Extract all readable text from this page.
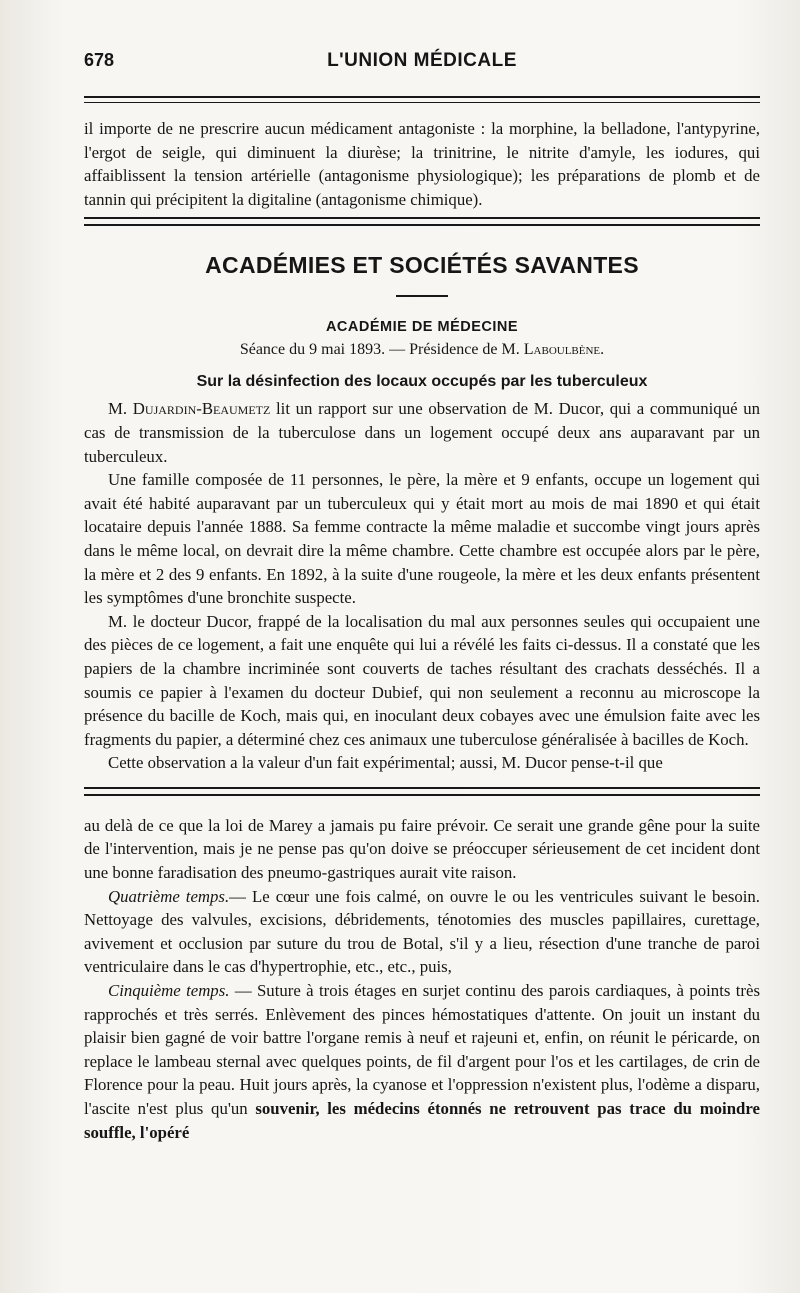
678	L'UNION MÉDICALE

il importe de ne prescrire aucun médicament antagoniste : la morphine, la belladone, l'antypyrine, l'ergot de seigle, qui diminuent la diurèse; la trinitrine, le nitrite d'amyle, les iodures, qui affaiblissent la tension artérielle (antagonisme physiologique); les préparations de plomb et de tannin qui précipitent la digitaline (antagonisme chimique).

ACADÉMIES ET SOCIÉTÉS SAVANTES
ACADÉMIE DE MÉDECINE
Séance du 9 mai 1893. — Présidence de M. Laboulbène.
Sur la désinfection des locaux occupés par les tuberculeux

M. Dujardin-Beaumetz lit un rapport sur une observation de M. Ducor, qui a communiqué un cas de transmission de la tuberculose dans un logement occupé deux ans auparavant par un tuberculeux.

Une famille composée de 11 personnes, le père, la mère et 9 enfants, occupe un logement qui avait été habité auparavant par un tuberculeux qui y était mort au mois de mai 1890 et qui était locataire depuis l'année 1888. Sa femme contracte la même maladie et succombe vingt jours après dans le même local, on devrait dire la même chambre. Cette chambre est occupée alors par le père, la mère et 2 des 9 enfants. En 1892, à la suite d'une rougeole, la mère et les deux enfants présentent les symptômes d'une bronchite suspecte.

M. le docteur Ducor, frappé de la localisation du mal aux personnes seules qui occupaient une des pièces de ce logement, a fait une enquête qui lui a révélé les faits ci-dessus. Il a constaté que les papiers de la chambre incriminée sont couverts de taches résultant des crachats desséchés. Il a soumis ce papier à l'examen du docteur Dubief, qui non seulement a reconnu au microscope la présence du bacille de Koch, mais qui, en inoculant deux cobayes avec une émulsion faite avec les fragments du papier, a déterminé chez ces animaux une tuberculose généralisée à bacilles de Koch.

Cette observation a la valeur d'un fait expérimental; aussi, M. Ducor pense-t-il que

au delà de ce que la loi de Marey a jamais pu faire prévoir. Ce serait une grande gêne pour la suite de l'intervention, mais je ne pense pas qu'on doive se préoccuper sérieusement de cet incident dont une bonne faradisation des pneumo-gastriques aurait vite raison.

Quatrième temps.— Le cœur une fois calmé, on ouvre le ou les ventricules suivant le besoin. Nettoyage des valvules, excisions, débridements, ténotomies des muscles papillaires, curettage, avivement et occlusion par suture du trou de Botal, s'il y a lieu, résection d'une tranche de paroi ventriculaire dans le cas d'hypertrophie, etc., etc., puis,

Cinquième temps. — Suture à trois étages en surjet continu des parois cardiaques, à points très rapprochés et très serrés. Enlèvement des pinces hémostatiques d'attente. On jouit un instant du plaisir bien gagné de voir battre l'organe remis à neuf et rajeuni et, enfin, on réunit le péricarde, on replace le lambeau sternal avec quelques points, de fil d'argent pour l'os et les cartilages, de crin de Florence pour la peau. Huit jours après, la cyanose et l'oppression n'existent plus, l'odème a disparu, l'ascite n'est plus qu'un souvenir, les médecins étonnés ne retrouvent pas trace du moindre souffle, l'opéré
